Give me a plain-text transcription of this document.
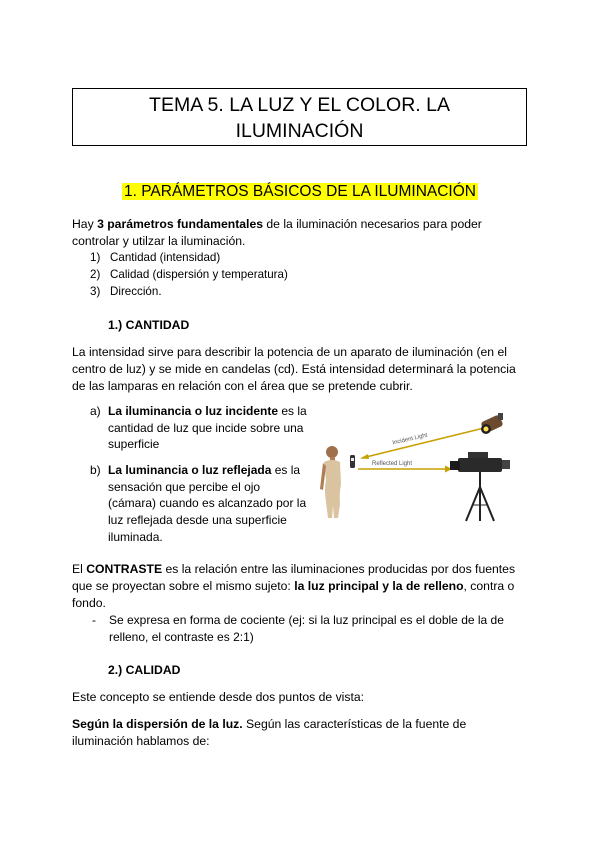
TEMA 5. LA LUZ Y EL COLOR. LA
ILUMINACIÓN
1. PARÁMETROS BÁSICOS DE LA ILUMINACIÓN
Hay 3 parámetros fundamentales de la iluminación necesarios para poder
controlar y utilzar la iluminación.
1) Cantidad (intensidad)
2) Calidad (dispersión y temperatura)
3) Dirección.
1.) CANTIDAD
La intensidad sirve para describir la potencia de un aparato de iluminación (en el
centro de luz) y se mide en candelas (cd). Está intensidad determinará la potencia
de las lamparas en relación con el área que se pretende cubrir.
a) La iluminancia o luz incidente es la
cantidad de luz que incide sobre una
superficie
b) La luminancia o luz reflejada es la
sensación que percibe el ojo
(cámara) cuando es alcanzado por la
luz reflejada desde una superficie
iluminada.
Incident Light
Reflected Light
El CONTRASTE es la relación entre las iluminaciones producidas por dos fuentes
que se proyectan sobre el mismo sujeto: la luz principal y la de relleno, contra o
fondo.
- Se expresa en forma de cociente (ej: si la luz principal es el doble de la de
relleno, el contraste es 2:1)
2.) CALIDAD
Este concepto se entiende desde dos puntos de vista:
Según la dispersión de la luz. Según las características de la fuente de
iluminación hablamos de:
